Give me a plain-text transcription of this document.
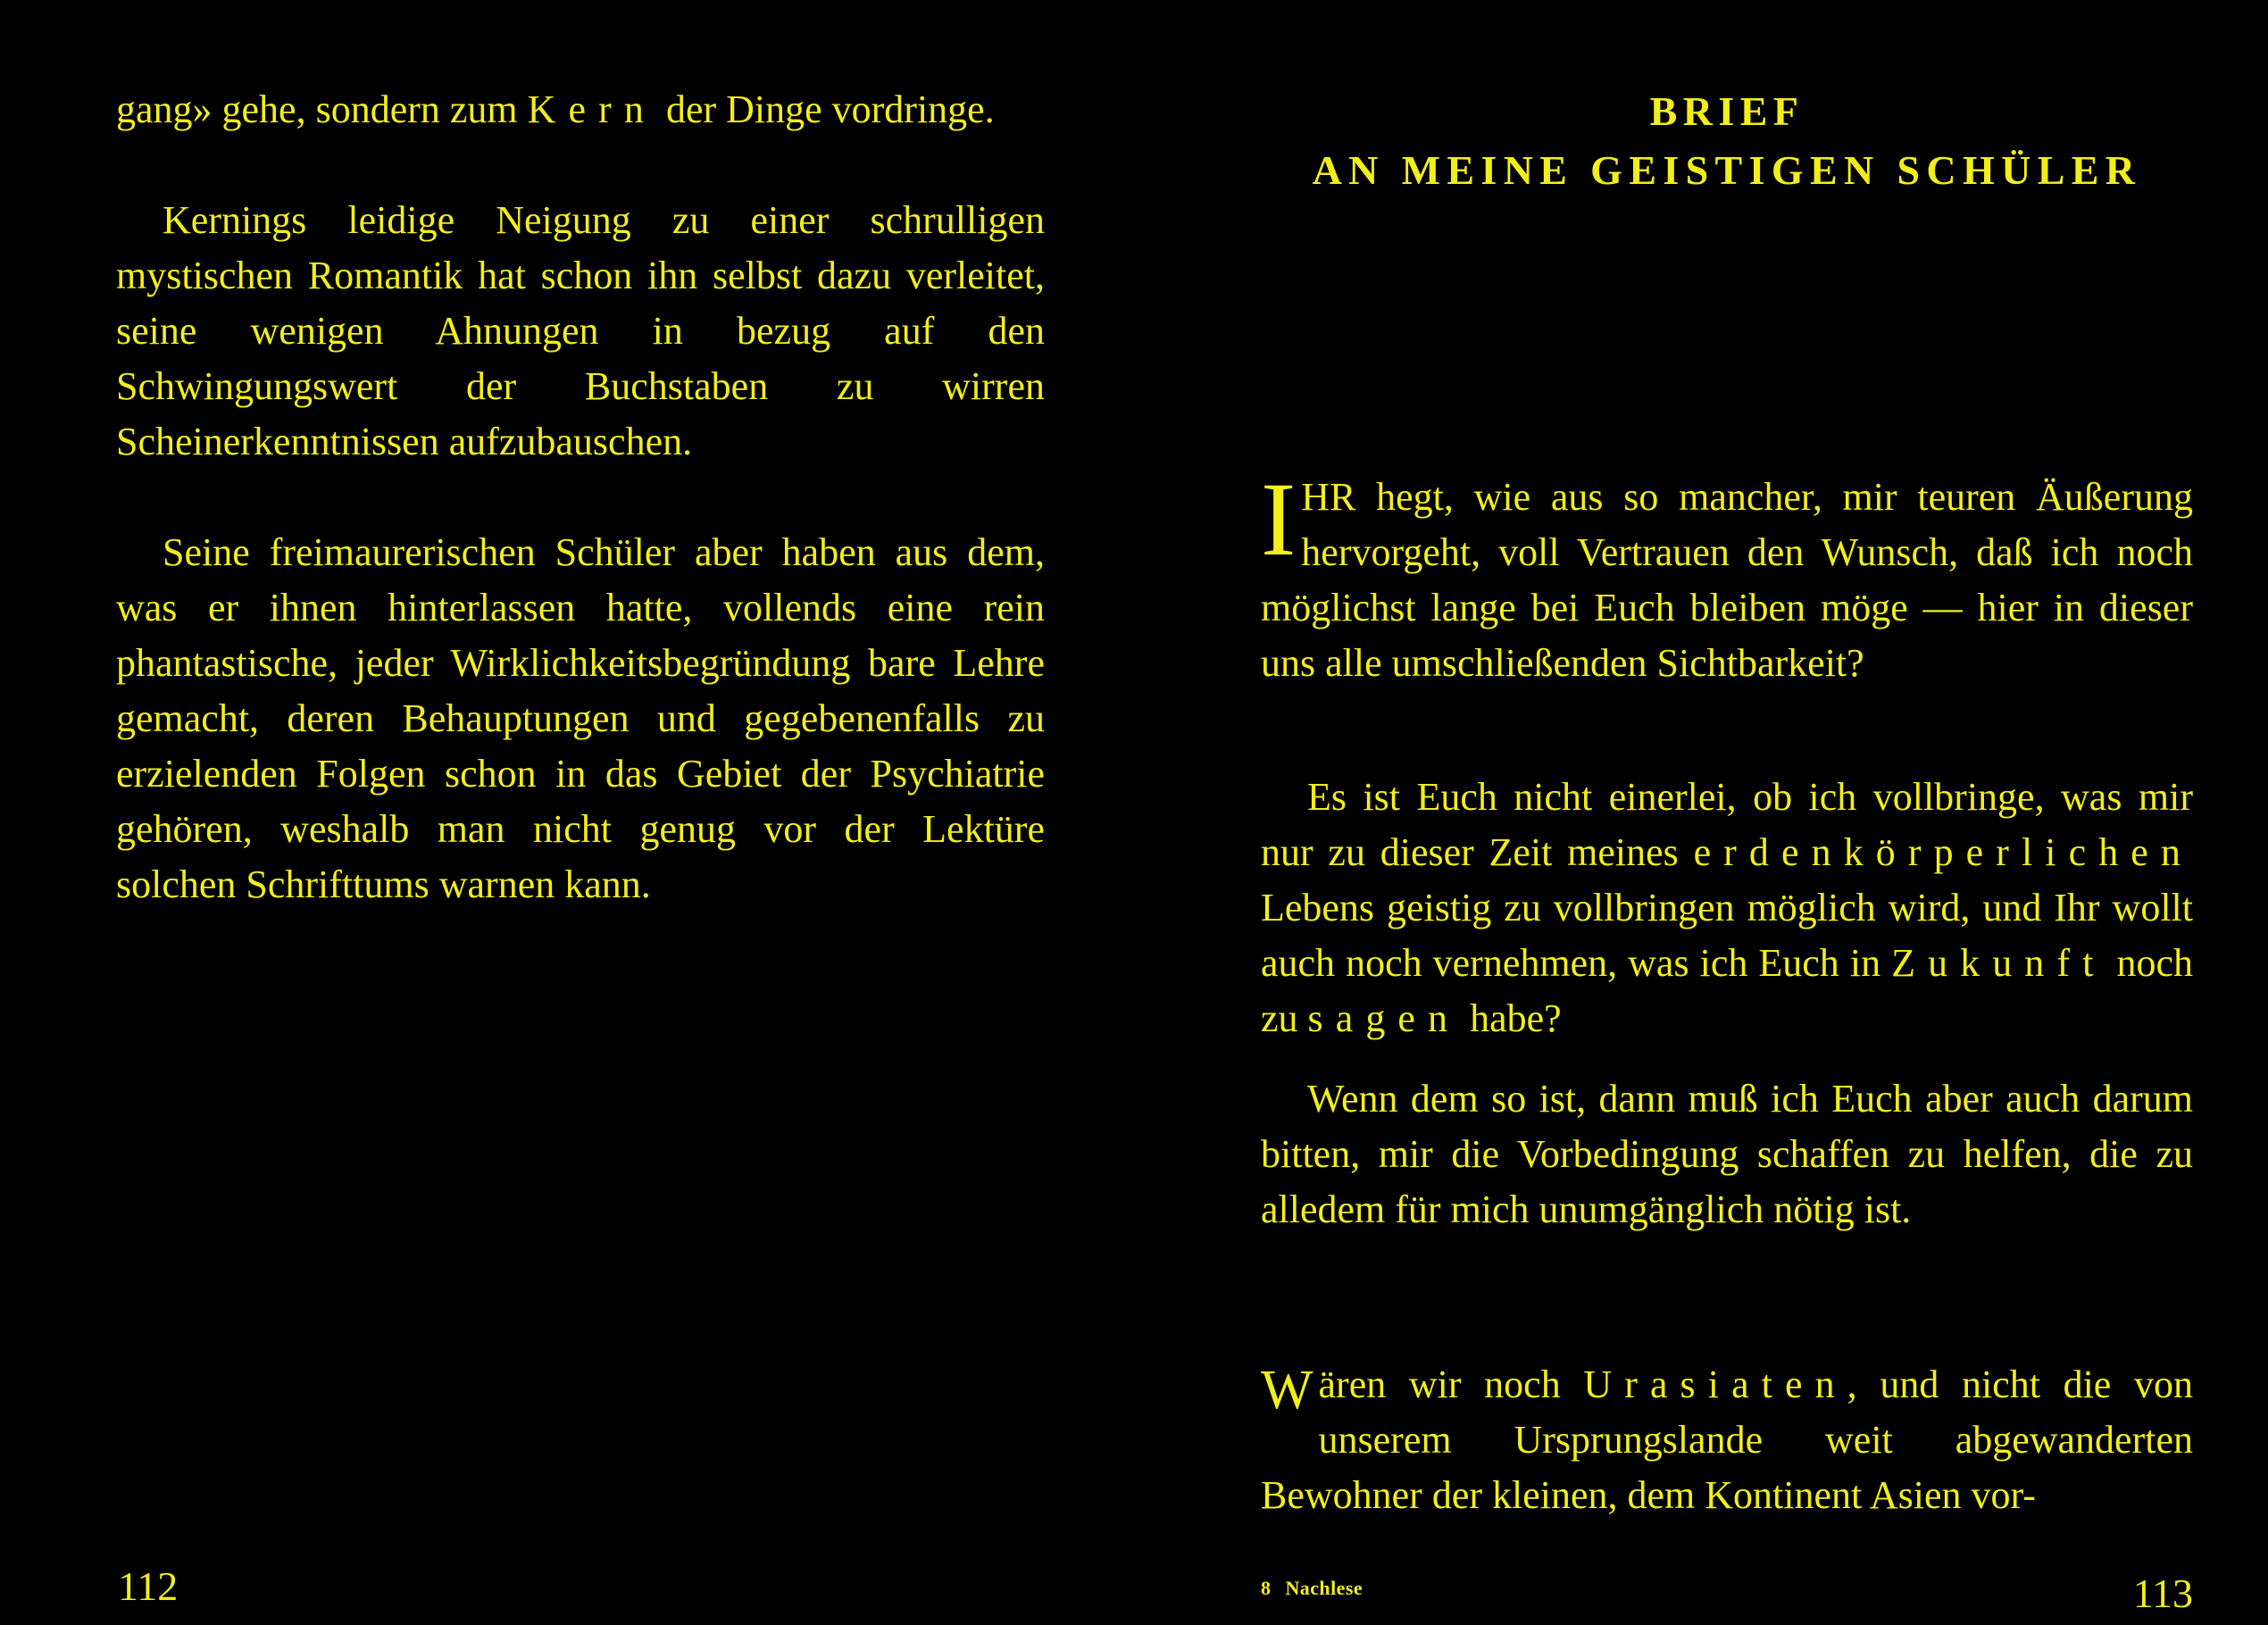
gang» gehe, sondern zum Kern der Dinge vordringe.

Kernings leidige Neigung zu einer schrulligen mystischen Romantik hat schon ihn selbst dazu verleitet, seine wenigen Ahnungen in bezug auf den Schwingungswert der Buchstaben zu wirren Scheinerkenntnissen aufzubauschen.

Seine freimaurerischen Schüler aber haben aus dem, was er ihnen hinterlassen hatte, vollends eine rein phantastische, jeder Wirklichkeitsbegründung bare Lehre gemacht, deren Behauptungen und gegebenenfalls zu erzielenden Folgen schon in das Gebiet der Psychiatrie gehören, weshalb man nicht genug vor der Lektüre solchen Schrifttums warnen kann.

112
BRIEF
AN MEINE GEISTIGEN SCHÜLER

IHR hegt, wie aus so mancher, mir teuren Äußerung hervorgeht, voll Vertrauen den Wunsch, daß ich noch möglichst lange bei Euch bleiben möge — hier in dieser uns alle umschließenden Sichtbarkeit?

Es ist Euch nicht einerlei, ob ich vollbringe, was mir nur zu dieser Zeit meines erdenkörperlichen Lebens geistig zu vollbringen möglich wird, und Ihr wollt auch noch vernehmen, was ich Euch in Zukunft noch zu sagen habe?

Wenn dem so ist, dann muß ich Euch aber auch darum bitten, mir die Vorbedingung schaffen zu helfen, die zu alledem für mich unumgänglich nötig ist.

W ären wir noch Urasiaten, und nicht die von unserem Ursprungslande weit abgewanderten Bewohner der kleinen, dem Kontinent Asien vor-

8 Nachlese	113
